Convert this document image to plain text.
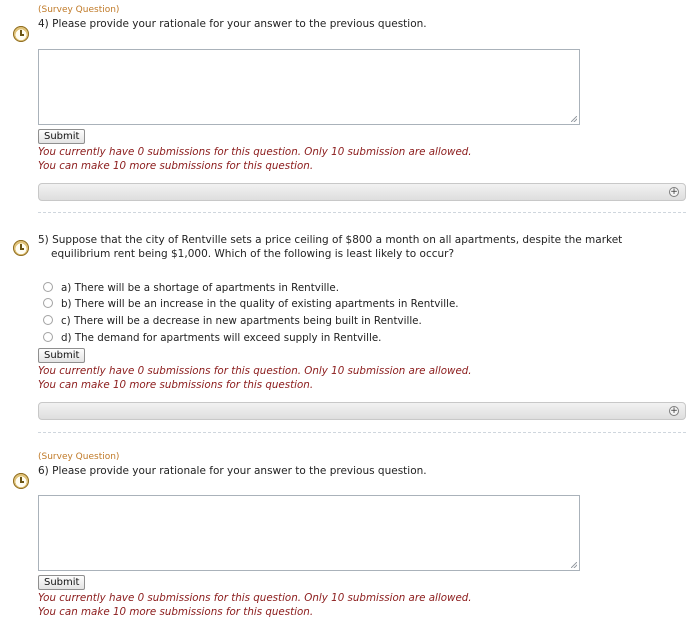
(Survey Question)
4) Please provide your rationale for your answer to the previous question.
Submit
You currently have 0 submissions for this question. Only 10 submission are allowed.
You can make 10 more submissions for this question.
+
5) Suppose that the city of Rentville sets a price ceiling of $800 a month on all apartments, despite the market
equilibrium rent being $1,000. Which of the following is least likely to occur?
a) There will be a shortage of apartments in Rentville.
b) There will be an increase in the quality of existing apartments in Rentville.
c) There will be a decrease in new apartments being built in Rentville.
d) The demand for apartments will exceed supply in Rentville.
Submit
You currently have 0 submissions for this question. Only 10 submission are allowed.
You can make 10 more submissions for this question.
+
(Survey Question)
6) Please provide your rationale for your answer to the previous question.
Submit
You currently have 0 submissions for this question. Only 10 submission are allowed.
You can make 10 more submissions for this question.
